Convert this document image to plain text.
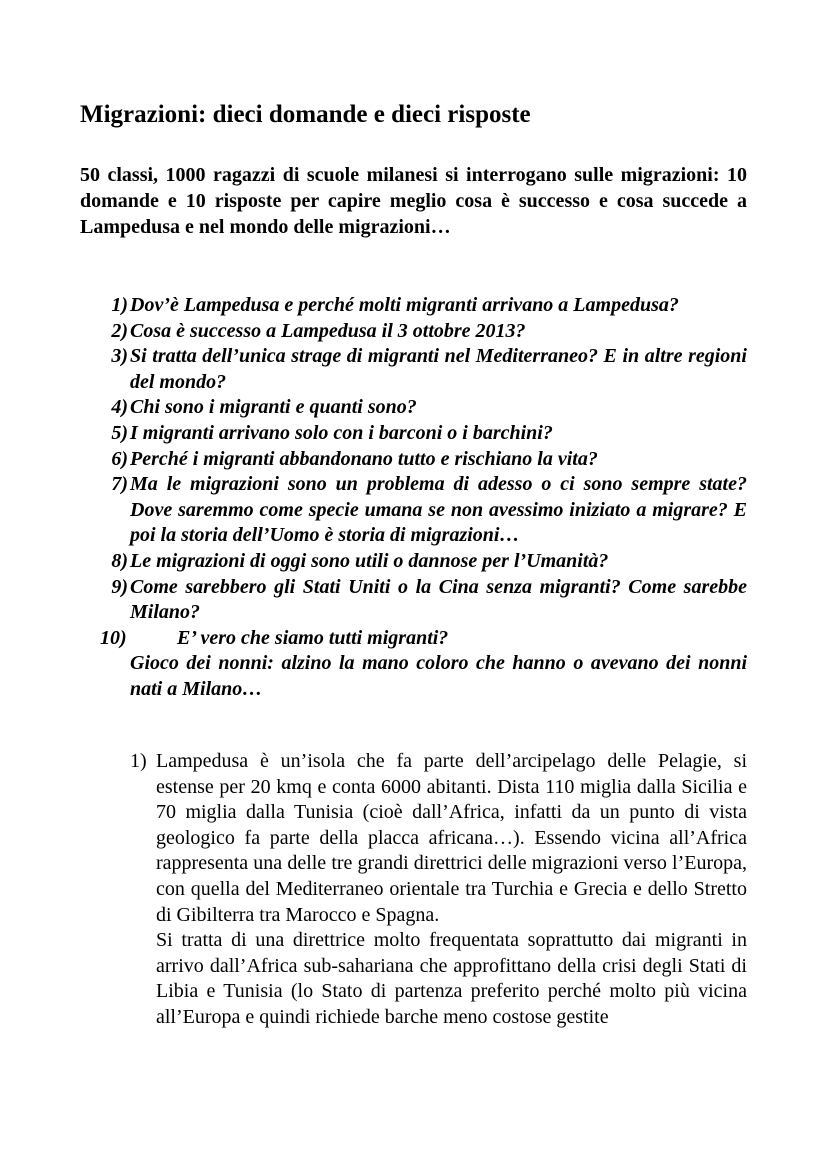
Migrazioni: dieci domande e dieci risposte

50 classi, 1000 ragazzi di scuole milanesi si interrogano sulle migrazioni: 10 domande e 10 risposte per capire meglio cosa è successo e cosa succede a Lampedusa e nel mondo delle migrazioni…

1) Dov’è Lampedusa e perché molti migranti arrivano a Lampedusa?
2) Cosa è successo a Lampedusa il 3 ottobre 2013?
3) Si tratta dell’unica strage di migranti nel Mediterraneo? E in altre regioni del mondo?
4) Chi sono i migranti e quanti sono?
5) I migranti arrivano solo con i barconi o i barchini?
6) Perché i migranti abbandonano tutto e rischiano la vita?
7) Ma le migrazioni sono un problema di adesso o ci sono sempre state? Dove saremmo come specie umana se non avessimo iniziato a migrare? E poi la storia dell’Uomo è storia di migrazioni…
8) Le migrazioni di oggi sono utili o dannose per l’Umanità?
9) Come sarebbero gli Stati Uniti o la Cina senza migranti? Come sarebbe Milano?
10)	E’ vero che siamo tutti migranti?
Gioco dei nonni: alzino la mano coloro che hanno o avevano dei nonni nati a Milano…
1) Lampedusa è un’isola che fa parte dell’arcipelago delle Pelagie, si estense per 20 kmq e conta 6000 abitanti. Dista 110 miglia dalla Sicilia e 70 miglia dalla Tunisia (cioè dall’Africa, infatti da un punto di vista geologico fa parte della placca africana…). Essendo vicina all’Africa rappresenta una delle tre grandi direttrici delle migrazioni verso l’Europa, con quella del Mediterraneo orientale tra Turchia e Grecia e dello Stretto di Gibilterra tra Marocco e Spagna.

Si tratta di una direttrice molto frequentata soprattutto dai migranti in arrivo dall’Africa sub-sahariana che approfittano della crisi degli Stati di Libia e Tunisia (lo Stato di partenza preferito perché molto più vicina all’Europa e quindi richiede barche meno costose gestite
